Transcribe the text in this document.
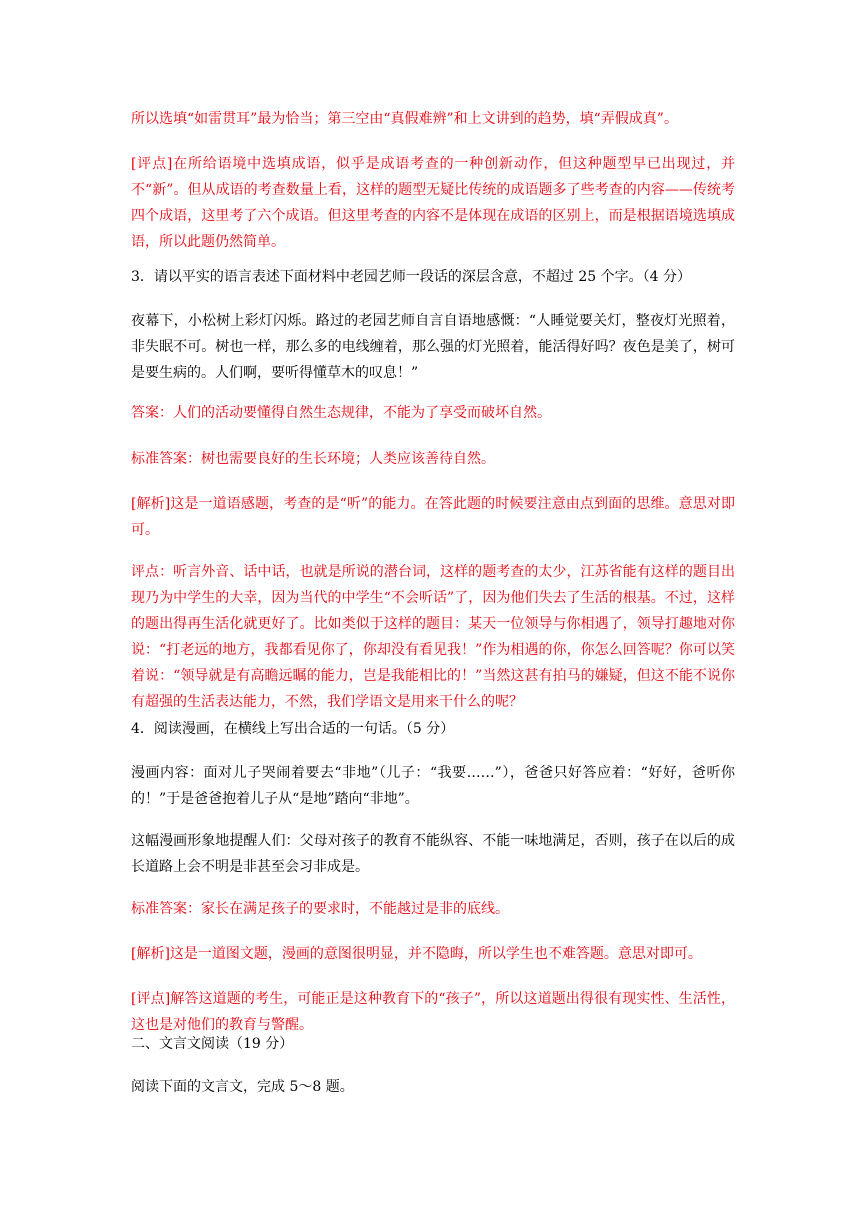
所以选填“如雷贯耳”最为恰当；第三空由“真假难辨”和上文讲到的趋势，填“弄假成真”。

[评点]在所给语境中选填成语，似乎是成语考查的一种创新动作，但这种题型早已出现过，并不“新”。但从成语的考查数量上看，这样的题型无疑比传统的成语题多了些考查的内容——传统考四个成语，这里考了六个成语。但这里考查的内容不是体现在成语的区别上，而是根据语境选填成语，所以此题仍然简单。

3．请以平实的语言表述下面材料中老园艺师一段话的深层含意，不超过 25 个字。（4 分）

夜幕下，小松树上彩灯闪烁。路过的老园艺师自言自语地感慨：“人睡觉要关灯，整夜灯光照着，非失眠不可。树也一样，那么多的电线缠着，那么强的灯光照着，能活得好吗？夜色是美了，树可是要生病的。人们啊，要听得懂草木的叹息！”

答案：人们的活动要懂得自然生态规律，不能为了享受而破坏自然。

标准答案：树也需要良好的生长环境；人类应该善待自然。

[解析]这是一道语感题，考查的是“听”的能力。在答此题的时候要注意由点到面的思维。意思对即可。

评点：听言外音、话中话，也就是所说的潜台词，这样的题考查的太少，江苏省能有这样的题目出现乃为中学生的大幸，因为当代的中学生“不会听话”了，因为他们失去了生活的根基。不过，这样的题出得再生活化就更好了。比如类似于这样的题目：某天一位领导与你相遇了，领导打趣地对你说：“打老远的地方，我都看见你了，你却没有看见我！”作为相遇的你，你怎么回答呢？你可以笑着说：“领导就是有高瞻远瞩的能力，岂是我能相比的！”当然这甚有拍马的嫌疑，但这不能不说你有超强的生活表达能力，不然，我们学语文是用来干什么的呢？

4．阅读漫画，在横线上写出合适的一句话。（5 分）

漫画内容：面对儿子哭闹着要去“非地”（儿子：“我要……”），爸爸只好答应着：“好好，爸听你的！”于是爸爸抱着儿子从“是地”踏向“非地”。

这幅漫画形象地提醒人们：父母对孩子的教育不能纵容、不能一味地满足，否则，孩子在以后的成长道路上会不明是非甚至会习非成是。

标准答案：家长在满足孩子的要求时，不能越过是非的底线。

[解析]这是一道图文题，漫画的意图很明显，并不隐晦，所以学生也不难答题。意思对即可。

[评点]解答这道题的考生，可能正是这种教育下的“孩子”，所以这道题出得很有现实性、生活性，这也是对他们的教育与警醒。

二、文言文阅读（19 分）

阅读下面的文言文，完成 5～8 题。
